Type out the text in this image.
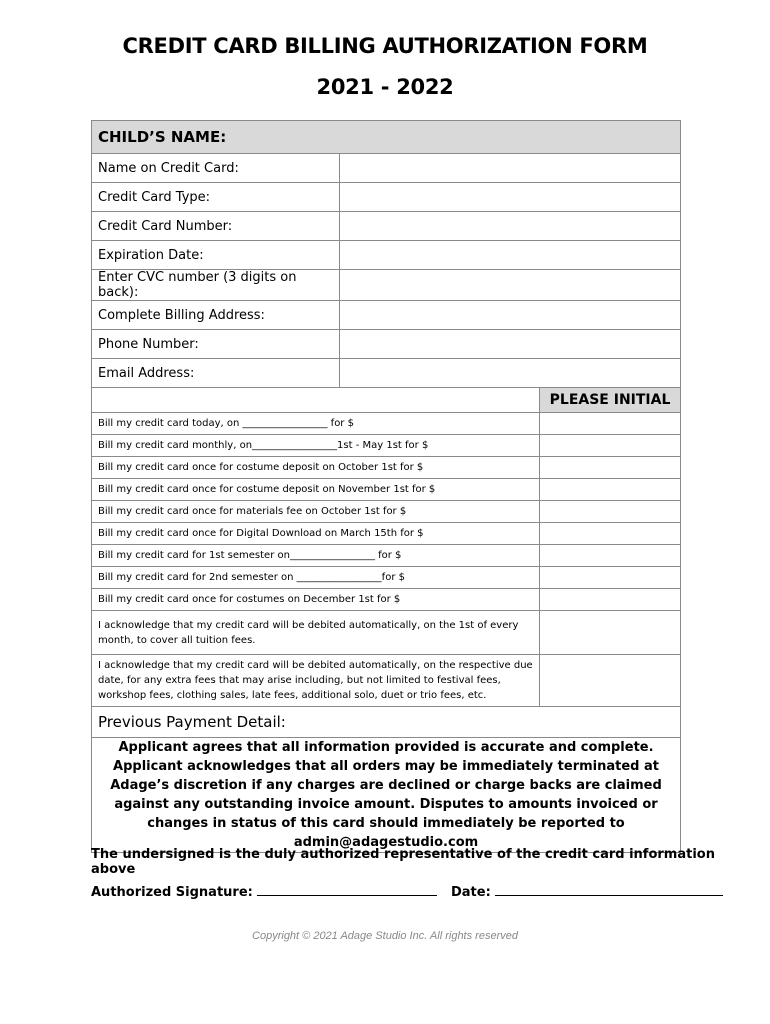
CREDIT CARD BILLING AUTHORIZATION FORM
2021 - 2022
CHILD’S NAME:		
Name on Credit Card:		
Credit Card Type:		
Credit Card Number:		
Expiration Date:		
Enter CVC number (3 digits on back):		
Complete Billing Address:		
Phone Number:		
Email Address:		
		PLEASE INITIAL
Bill my credit card today, on _________________ for $		
Bill my credit card monthly, on_________________1st - May 1st for $		
Bill my credit card once for costume deposit on October 1st for $		
Bill my credit card once for costume deposit on November 1st for $		
Bill my credit card once for materials fee on October 1st for $		
Bill my credit card once for Digital Download on March 15th for $		
Bill my credit card for 1st semester on_________________ for $		
Bill my credit card for 2nd semester on _________________for $		
Bill my credit card once for costumes on December 1st for $		
I acknowledge that my credit card will be debited automatically, on the 1st of every month, to cover all tuition fees.		
I acknowledge that my credit card will be debited automatically, on the respective due date, for any extra fees that may arise including, but not limited to festival fees, workshop fees, clothing sales, late fees, additional solo, duet or trio fees, etc.		
Previous Payment Detail:		
Applicant agrees that all information provided is accurate and complete. Applicant acknowledges that all orders may be immediately terminated at Adage’s discretion if any charges are declined or charge backs are claimed against any outstanding invoice amount. Disputes to amounts invoiced or changes in status of this card should immediately be reported to admin@adagestudio.com		
The undersigned is the duly authorized representative of the credit card information above
Authorized Signature:	Date:
Copyright © 2021 Adage Studio Inc. All rights reserved
